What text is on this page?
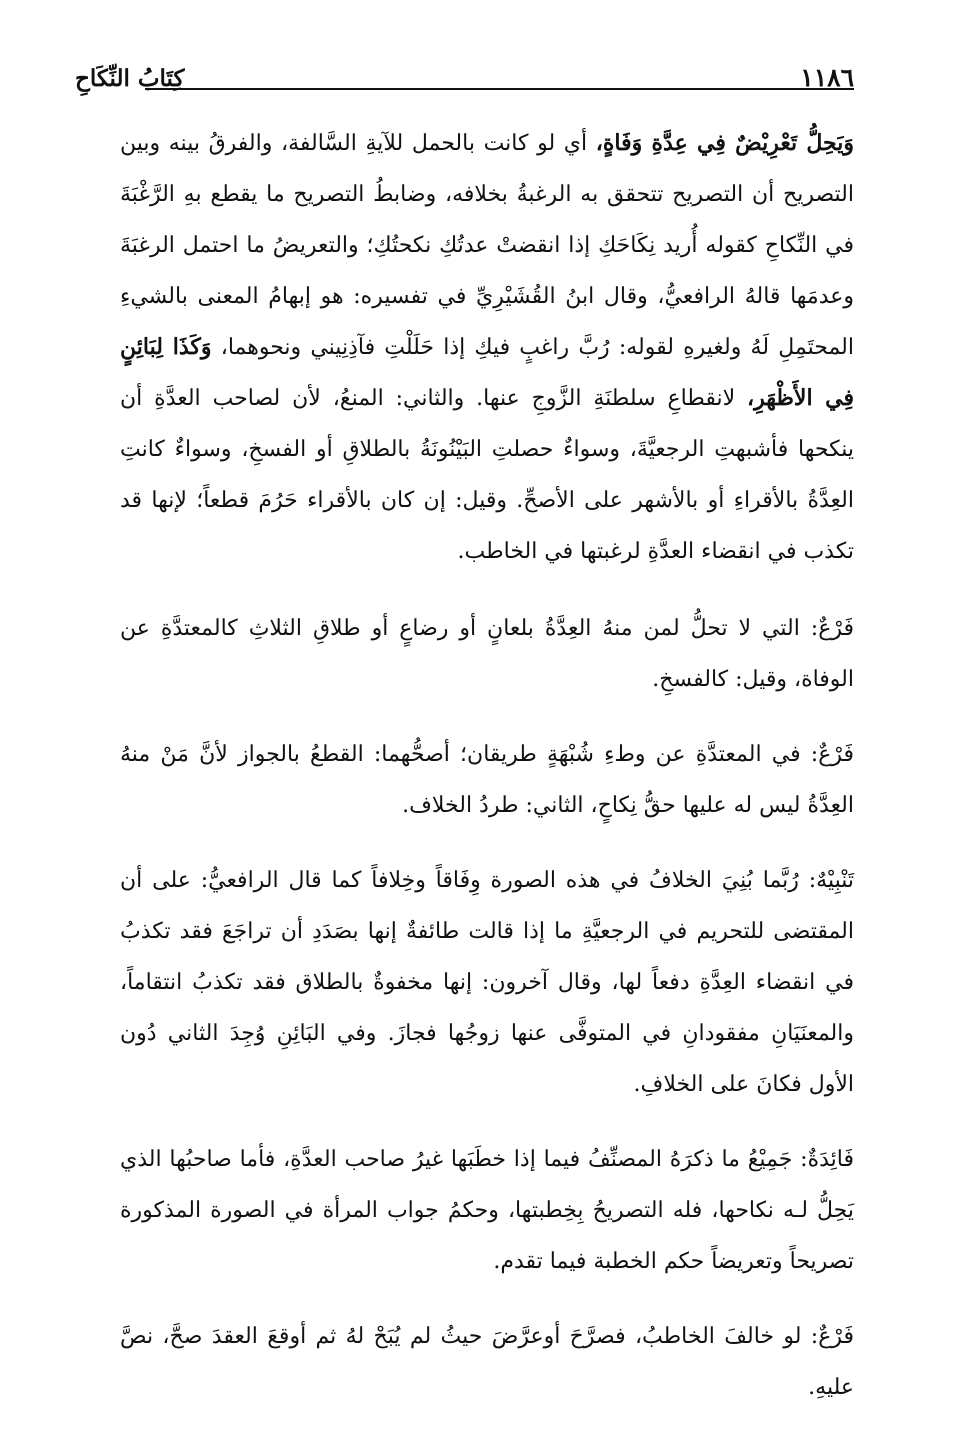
١١٨٦
كِتَابُ النِّكَاحِ

وَيَحِلُّ تَعْرِيْضٌ فِي عِدَّةِ وَفَاةٍ، أي لو كانت بالحمل للآيةِ السَّالفة، والفرقُ بينه وبين التصريح أن التصريح تتحقق به الرغبةُ بخلافه، وضابطُ التصريح ما يقطع بهِ الرَّغْبَةَ في النِّكاحِ كقوله أُريد نِكَاحَكِ إذا انقضتْ عدتُكِ نكحتُكِ؛ والتعريضُ ما احتمل الرغبَةَ وعدمَها قالهُ الرافعيُّ، وقال ابنُ القُشَيْرِيِّ في تفسيره: هو إبهامُ المعنى بالشيءِ المحتَمِلِ لَهُ ولغيرهِ لقوله: رُبَّ راغبٍ فيكِ إذا حَلَلْتِ فآذِنِيني ونحوهما، وَكَذَا لِبَائِنٍ فِي الأَظْهَرِ، لانقطاعِ سلطنَةِ الزَّوجِ عنها. والثاني: المنعُ، لأن لصاحب العدَّةِ أن ينكحها فأشبهتِ الرجعيَّةَ، وسواءٌ حصلتِ البَيْنُونَةُ بالطلاقِ أو الفسخِ، وسواءٌ كانتِ العِدَّةُ بالأقراءِ أو بالأشهر على الأصحِّ. وقيل: إن كان بالأقراء حَرُمَ قطعاً؛ لإنها قد تكذب في انقضاء العدَّةِ لرغبتها في الخاطب.

فَرْعٌ: التي لا تحلُّ لمن منهُ العِدَّةُ بلعانٍ أو رضاعٍ أو طلاقِ الثلاثِ كالمعتدَّةِ عن الوفاة، وقيل: كالفسخِ.

فَرْعٌ: في المعتدَّةِ عن وطءِ شُبْهَةٍ طريقان؛ أصحُّهما: القطعُ بالجواز لأنَّ مَنْ منهُ العِدَّةُ ليس له عليها حقُّ نِكاحٍ، الثاني: طردُ الخلاف.

تَنْبِيْهٌ: رُبَّما بُنِيَ الخلافُ في هذه الصورة وِفَاقاً وخِلافاً كما قال الرافعيُّ: على أن المقتضى للتحريم في الرجعيَّةِ ما إذا قالت طائفةٌ إنها بصَدَدِ أن تراجَعَ فقد تكذبُ في انقضاء العِدَّةِ دفعاً لها، وقال آخرون: إنها مخفوةٌ بالطلاق فقد تكذبُ انتقاماً، والمعنَيَانِ مفقودانِ في المتوفَّى عنها زوجُها فجازَ. وفي البَائِنِ وُجِدَ الثاني دُون الأول فكانَ على الخلافِ.

فَائِدَةٌ: جَمِيْعُ ما ذكرَهُ المصنِّفُ فيما إذا خطَبَها غيرُ صاحب العدَّةِ، فأما صاحبُها الذي يَحِلُّ لـه نكاحها، فله التصريحُ بِخِطبتها، وحكمُ جواب المرأة في الصورة المذكورة تصريحاً وتعريضاً حكم الخطبة فيما تقدم.

فَرْعٌ: لو خالفَ الخاطبُ، فصرَّحَ أوعرَّضَ حيثُ لم يُبَحْ لهُ ثم أوقعَ العقدَ صحَّ، نصَّ عليهِ.
